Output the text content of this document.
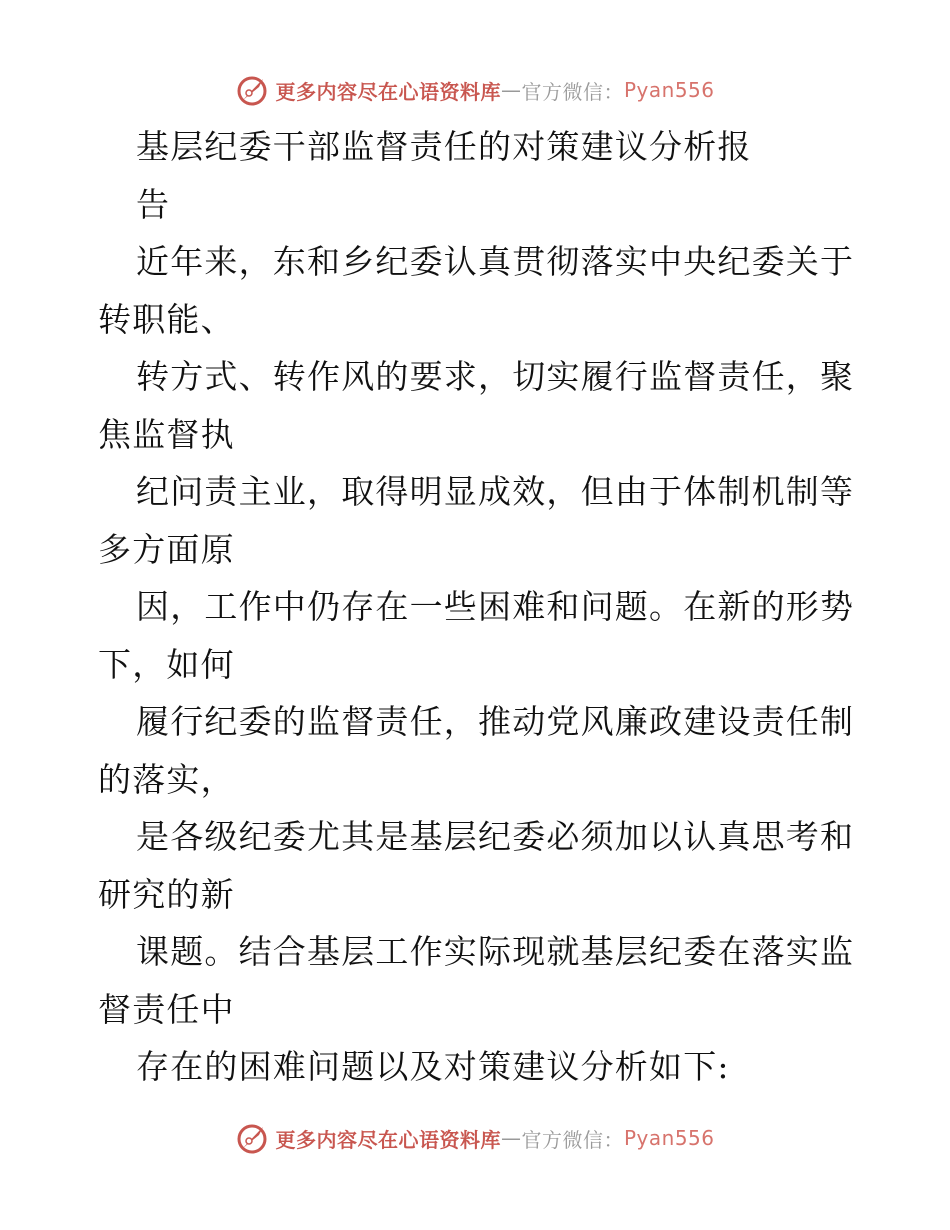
更多内容尽在心语资料库 — 官方微信： Pyan556
基层纪委干部监督责任的对策建议分析报
告
近年来，东和乡纪委认真贯彻落实中央纪委关于
转职能、
转方式、转作风的要求，切实履行监督责任，聚
焦监督执
纪问责主业，取得明显成效，但由于体制机制等
多方面原
因，工作中仍存在一些困难和问题。在新的形势
下，如何
履行纪委的监督责任，推动党风廉政建设责任制
的落实，
是各级纪委尤其是基层纪委必须加以认真思考和
研究的新
课题。结合基层工作实际现就基层纪委在落实监
督责任中
存在的困难问题以及对策建议分析如下:
更多内容尽在心语资料库 — 官方微信： Pyan556
